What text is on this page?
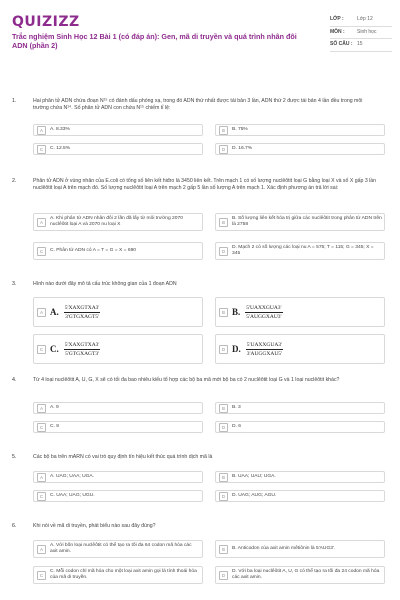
QUIZIZZ
Trắc nghiệm Sinh Học 12 Bài 1 (có đáp án): Gen, mã di truyền và quá trình nhân đôi ADN (phần 2)
LỚP :	Lớp 12
MÔN :	Sinh học
SỐ CÂU : 15
1.	Hai phân tử ADN chứa đoạn N¹⁵ có đánh dấu phóng xạ, trong đó ADN thứ nhất được tái bản 3 lần, ADN thứ 2 được tái bản 4 lần đều trong môi trường chứa N¹⁴. Số phân tử ADN con chứa N¹⁵ chiếm tỉ lệ:
A	A. 8.33%	B	B. 75%
C	C. 12.5%	D	D. 16.7%
2.	Phân tử ADN ở vùng nhân của E.coli có tổng số liên kết hiđro là 3450 liên kết. Trên mạch 1 có số lượng nuclêôtit loại G bằng loại X và số X gấp 3 lần nuclêôtit loại A trên mạch đó. Số lượng nuclêôtit loại A trên mạch 2 gấp 5 lần số lượng A trên mạch 1. Xác định phương án trả lời sai:
A
A. Khi phân tử ADN nhân đôi 2 lần đã lấy từ môi trường 2070 nuclêôtit loại A và 2070 nu loại X	B
B. Số lượng liên kết hóa trị giữa các nuclêôtit trong phân tử ADN trên là 2758
C	C. Phân tử ADN có A = T = G = X = 690	D
D. Mạch 2 có số lượng các loại nu A = 575; T = 115; G = 345; X = 345
3.	Hình nào dưới đây mô tả cấu trúc không gian của 1 đoạn ADN
A A. $\frac{\text{5'XAXGTXA3'}}{\text{3'GTGXAGT5'}}$	B B. $\frac{\text{5'UAXXGUA3'}}{\text{5'AUGGXAU3'}}$
C C. $\frac{\text{5'XAXGTXA3'}}{\text{5'GTGXAGT3'}}$	D D. $\frac{\text{5'UAXXGUA3'}}{\text{3'AUGGXAU5'}}$
4.	Từ 4 loại nuclêôtit A, U, G, X sẽ có tối đa bao nhiêu kiểu tổ hợp các bộ ba mã mới bộ ba có 2 nuclêôtit loại G và 1 loại nuclêôtit khác?
A	A. 9	B	B. 3
C	C. 8	D	D. 6
5.	Các bộ ba trên mARN có vai trò quy định tín hiệu kết thúc quá trình dịch mã là
A	A. UAG; UAA; UGA.	B	B. UAA; UAU; UGA.
C	C. UAA; UAG; UGU.	D	D. UAG; AUG; AGU.
6.	Khi nói về mã di truyền, phát biểu nào sau đây đúng?
A
A. Với bốn loại nuclêôtit có thể tạo ra tối đa 64 codon mã hóa các axit amin.	B	B. Anticodon của axit amin mêtiônin là 5'AUG3'.
C
C. Mỗi codon chỉ mã hóa cho một loại axit amin gọi là tính thoái hóa của mã di truyền.	D
D. Với ba loại nuclêôtit A, U, G có thể tạo ra tối đa 24 codon mã hóa các axit amin.
